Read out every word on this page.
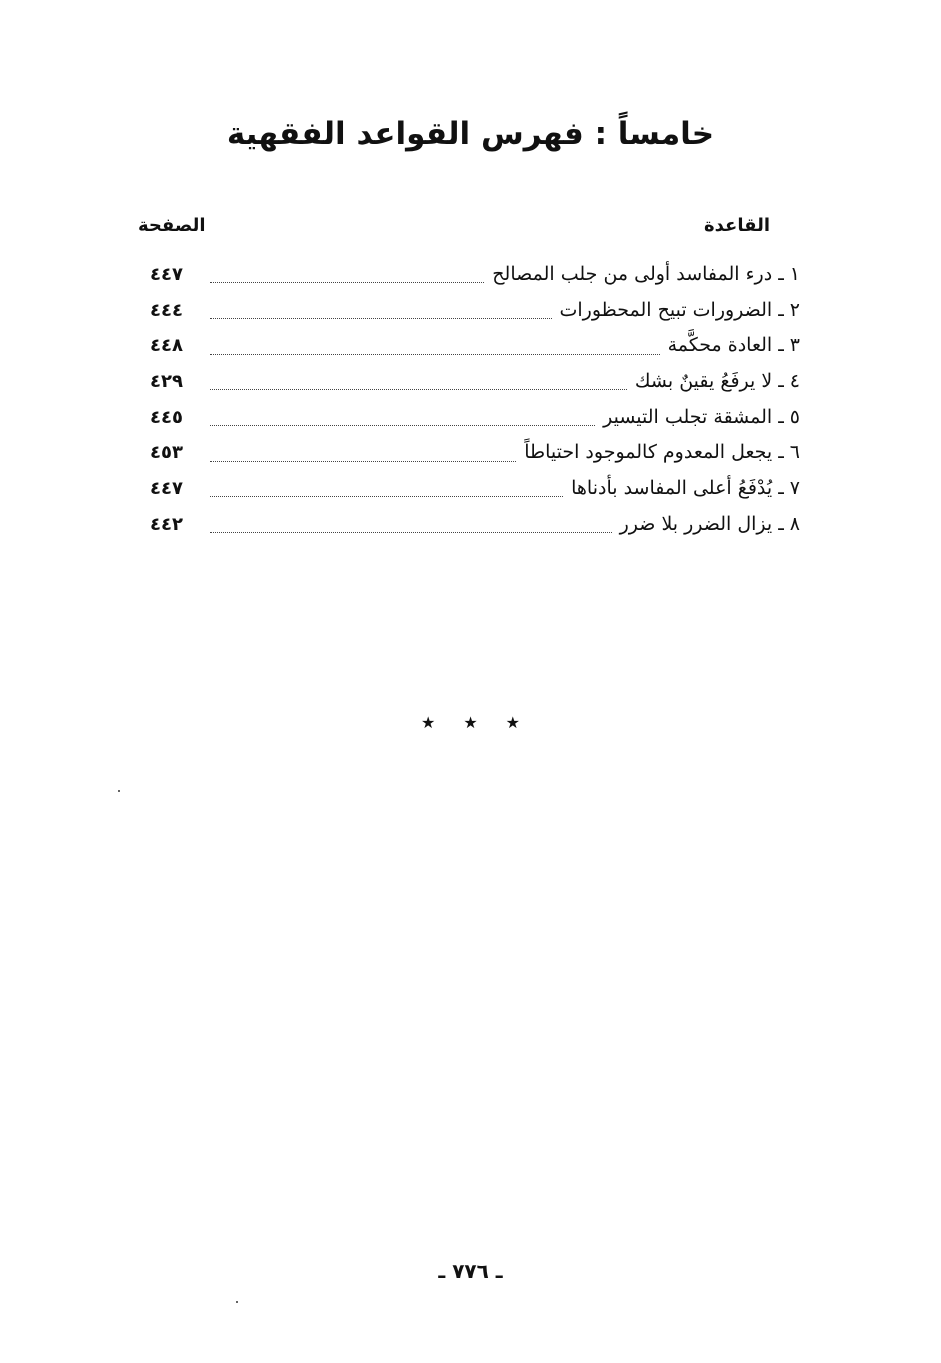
خامساً : فهرس القواعد الفقهية
القاعدة
الصفحة
١
ـ
درء المفاسد أولى من جلب المصالح
٤٤٧
٢
ـ
الضرورات تبيح المحظورات
٤٤٤
٣
ـ
العادة محكَّمة
٤٤٨
٤
ـ
لا يرفَعُ يقينٌ بشك
٤٢٩
٥
ـ
المشقة تجلب التيسير
٤٤٥
٦
ـ
يجعل المعدوم كالموجود احتياطاً
٤٥٣
٧
ـ
يُدْفَعُ أعلى المفاسد بأدناها
٤٤٧
٨
ـ
يزال الضرر بلا ضرر
٤٤٢
★ ★ ★
ـ ٧٧٦ ـ
